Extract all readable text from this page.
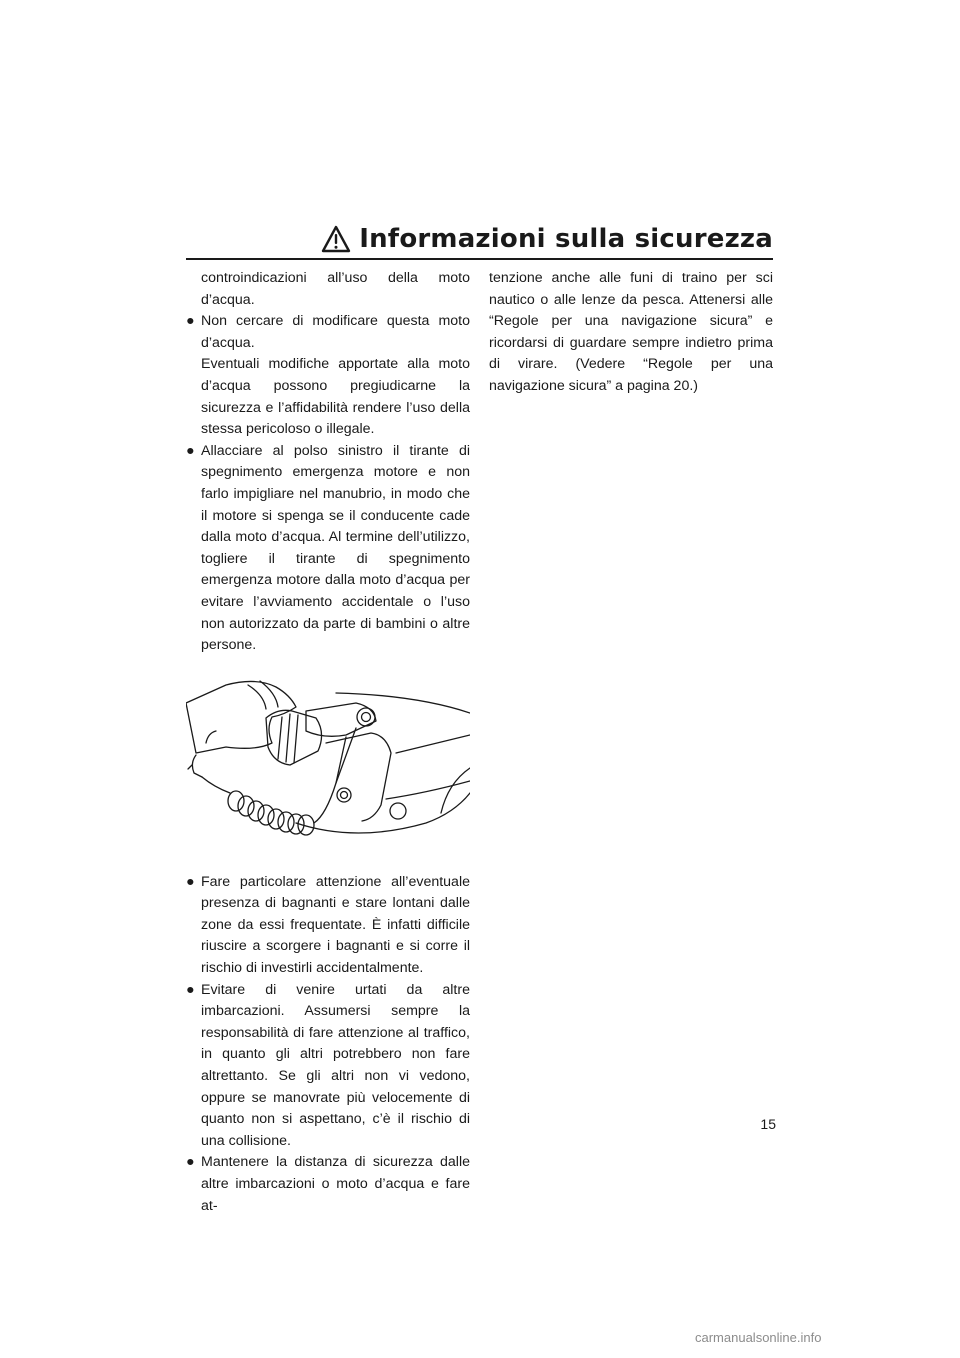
Informazioni sulla sicurezza

controindicazioni all’uso della moto d’acqua.

● Non cercare di modificare questa moto d’acqua.

Eventuali modifiche apportate alla moto d’acqua possono pregiudicarne la sicurezza e l’affidabilità rendere l’uso della stessa pericoloso o illegale.

● Allacciare al polso sinistro il tirante di spegnimento emergenza motore e non farlo impigliare nel manubrio, in modo che il motore si spenga se il conducente cade dalla moto d’acqua. Al termine dell’utilizzo, togliere il tirante di spegnimento emergenza motore dalla moto d’acqua per evitare l’avviamento accidentale o l’uso non autorizzato da parte di bambini o altre persone.

● Fare particolare attenzione all’eventuale presenza di bagnanti e stare lontani dalle zone da essi frequentate. È infatti difficile riuscire a scorgere i bagnanti e si corre il rischio di investirli accidentalmente.

● Evitare di venire urtati da altre imbarcazioni. Assumersi sempre la responsabilità di fare attenzione al traffico, in quanto gli altri potrebbero non fare altrettanto. Se gli altri non vi vedono, oppure se manovrate più velocemente di quanto non si aspettano, c’è il rischio di una collisione.

● Mantenere la distanza di sicurezza dalle altre imbarcazioni o moto d’acqua e fare at-

tenzione anche alle funi di traino per sci nautico o alle lenze da pesca. Attenersi alle “Regole per una navigazione sicura” e ricordarsi di guardare sempre indietro prima di virare. (Vedere “Regole per una navigazione sicura” a pagina 20.)

15
carmanualsonline.info
